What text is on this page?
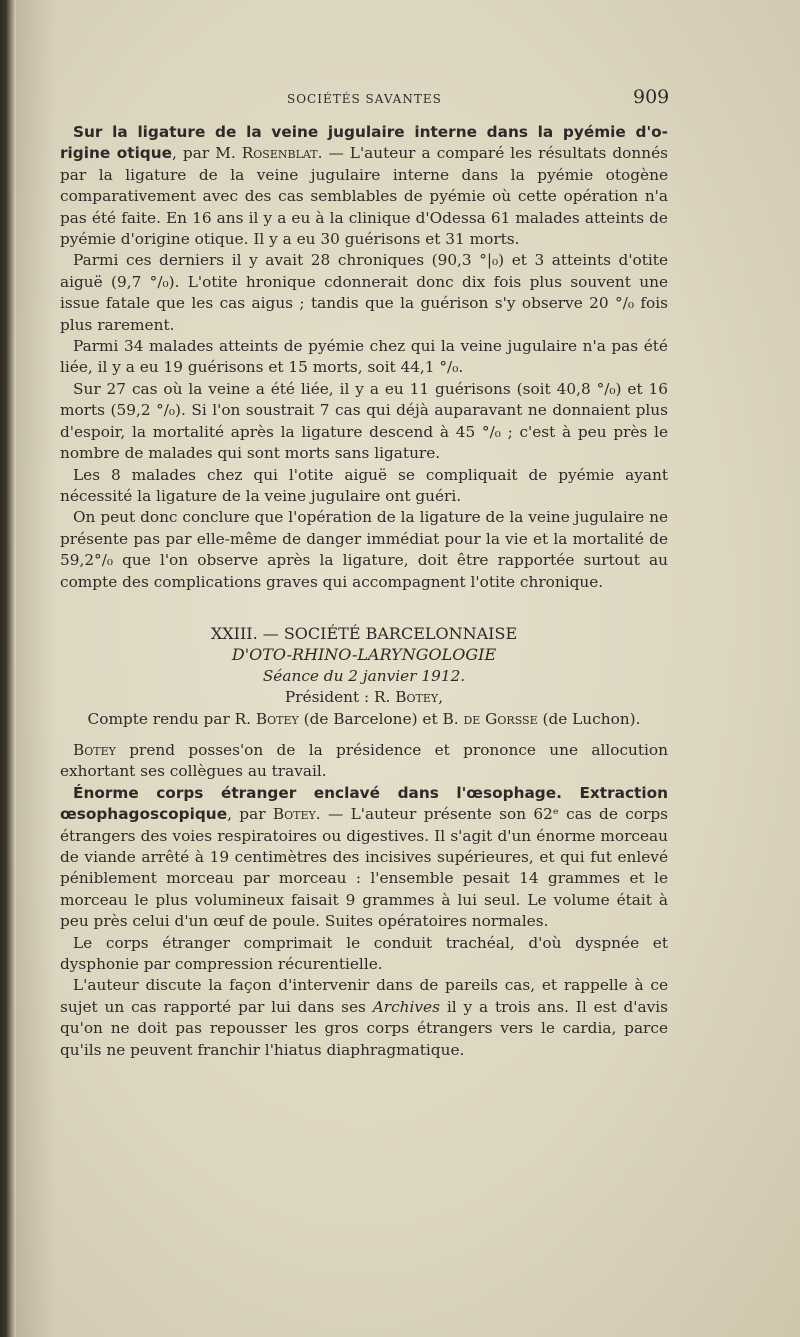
SOCIÉTÉS SAVANTES	909

Sur la ligature de la veine jugulaire interne dans la pyémie d'o-rigine otique, par M. Rosenblat. — L'auteur a comparé les résultats donnés par la ligature de la veine jugulaire interne dans la pyémie otogène comparativement avec des cas semblables de pyémie où cette opération n'a pas été faite. En 16 ans il y a eu à la clinique d'Odessa 61 malades atteints de pyémie d'origine otique. Il y a eu 30 guérisons et 31 morts.

Parmi ces derniers il y avait 28 chroniques (90,3 °|₀) et 3 atteints d'otite aiguë (9,7 °/₀). L'otite hronique cdonnerait donc dix fois plus souvent une issue fatale que les cas aigus ; tandis que la guérison s'y observe 20 °/₀ fois plus rarement.

Parmi 34 malades atteints de pyémie chez qui la veine jugulaire n'a pas été liée, il y a eu 19 guérisons et 15 morts, soit 44,1 °/₀.

Sur 27 cas où la veine a été liée, il y a eu 11 guérisons (soit 40,8 °/₀) et 16 morts (59,2 °/₀). Si l'on soustrait 7 cas qui déjà auparavant ne donnaient plus d'espoir, la mortalité après la ligature descend à 45 °/₀ ; c'est à peu près le nombre de malades qui sont morts sans ligature.

Les 8 malades chez qui l'otite aiguë se compliquait de pyémie ayant nécessité la ligature de la veine jugulaire ont guéri.

On peut donc conclure que l'opération de la ligature de la veine jugulaire ne présente pas par elle-même de danger immédiat pour la vie et la mortalité de 59,2°/₀ que l'on observe après la ligature, doit être rapportée surtout au compte des complications graves qui accompagnent l'otite chronique.

XXIII. — SOCIÉTÉ BARCELONNAISE

D'OTO-RHINO-LARYNGOLOGIE

Séance du 2 janvier 1912.

Président : R. Botey,

Compte rendu par R. Botey (de Barcelone) et B. de Gorsse (de Luchon).

Botey prend posses'on de la présidence et prononce une allocution exhortant ses collègues au travail.

Énorme corps étranger enclavé dans l'œsophage. Extraction œsophagoscopique, par Botey. — L'auteur présente son 62ᵉ cas de corps étrangers des voies respiratoires ou digestives. Il s'agit d'un énorme morceau de viande arrêté à 19 centimètres des incisives supérieures, et qui fut enlevé péniblement morceau par morceau : l'ensemble pesait 14 grammes et le morceau le plus volumineux faisait 9 grammes à lui seul. Le volume était à peu près celui d'un œuf de poule. Suites opératoires normales.

Le corps étranger comprimait le conduit trachéal, d'où dyspnée et dysphonie par compression récurentielle.

L'auteur discute la façon d'intervenir dans de pareils cas, et rappelle à ce sujet un cas rapporté par lui dans ses Archives il y a trois ans. Il est d'avis qu'on ne doit pas repousser les gros corps étrangers vers le cardia, parce qu'ils ne peuvent franchir l'hiatus diaphragmatique.
